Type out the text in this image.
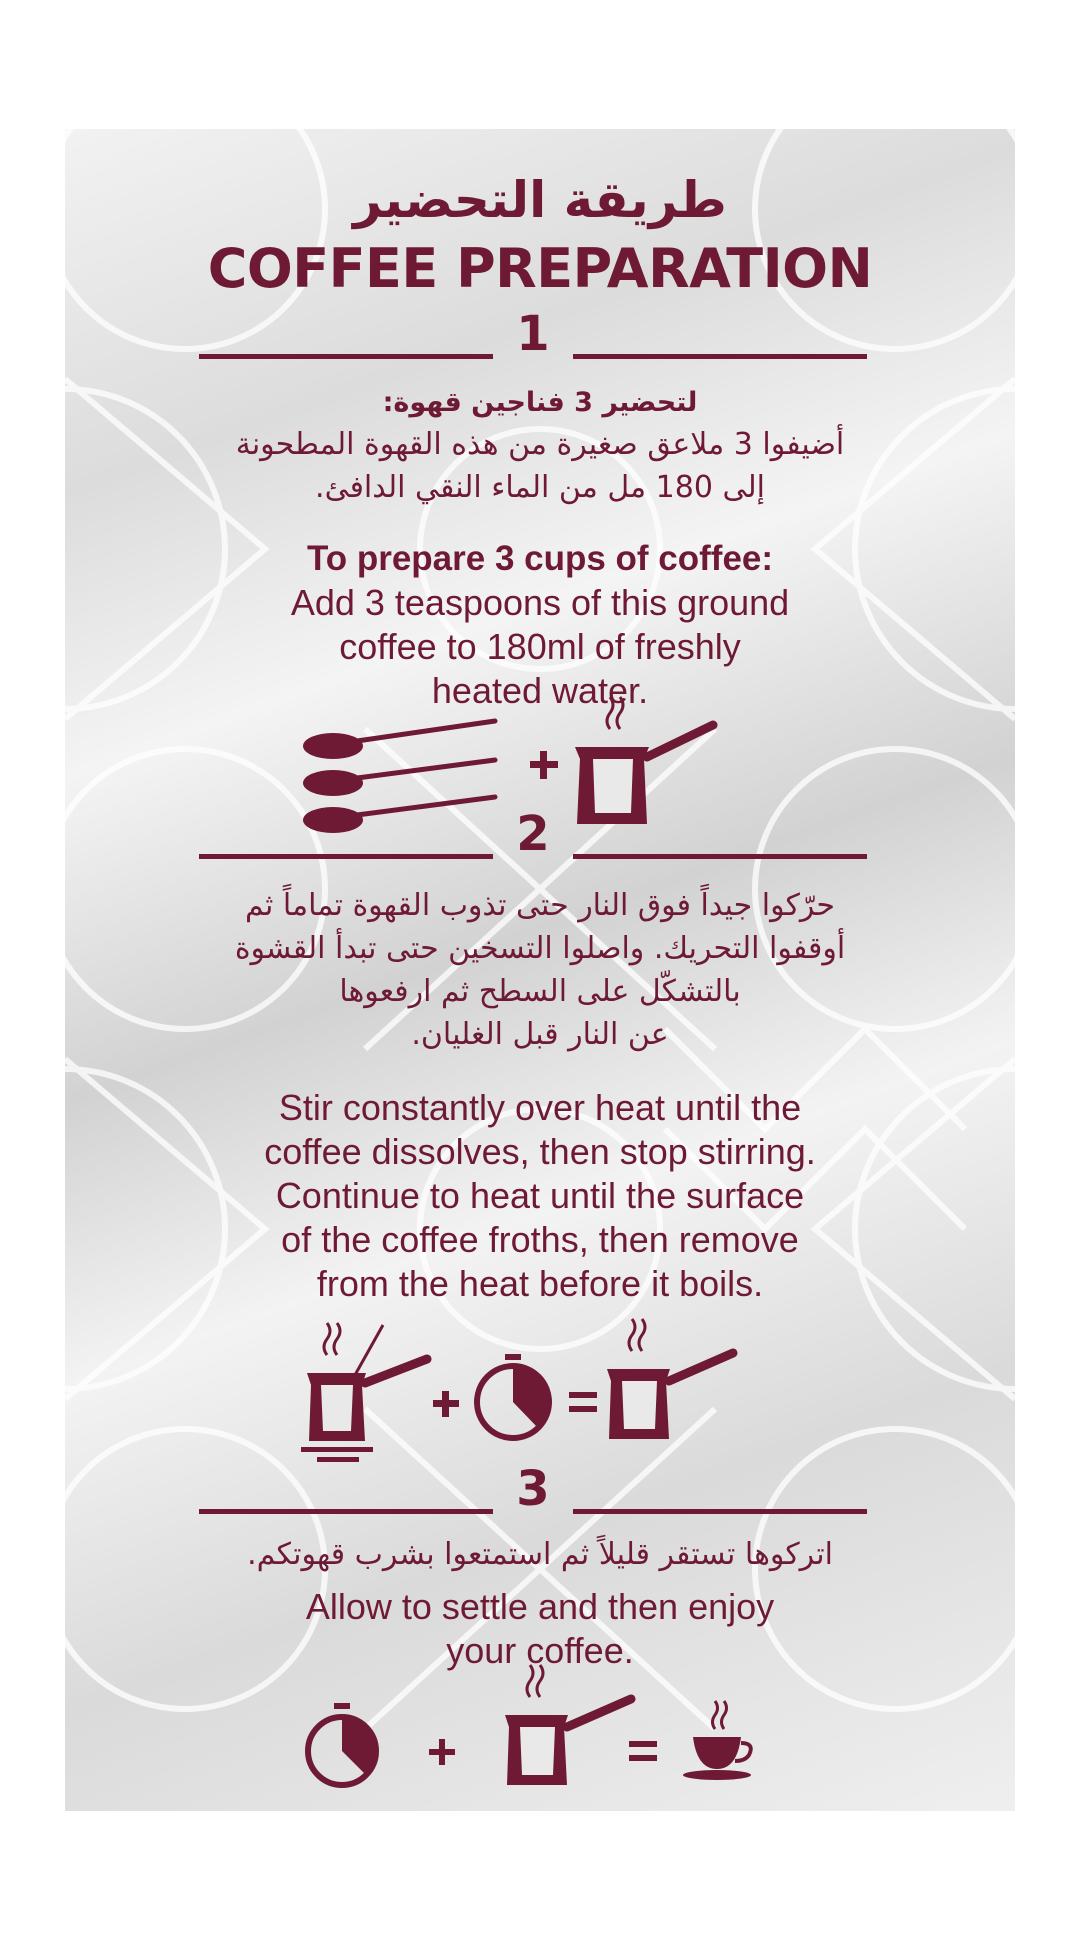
طريقة التحضير
COFFEE PREPARATION
1
لتحضير 3 فناجين قهوة:
أضيفوا 3 ملاعق صغيرة من هذه القهوة المطحونة
إلى 180 مل من الماء النقي الدافئ.
To prepare 3 cups of coffee:
Add 3 teaspoons of this ground
coffee to 180ml of freshly
heated water.
2
حرّكوا جيداً فوق النار حتى تذوب القهوة تماماً ثم
أوقفوا التحريك. واصلوا التسخين حتى تبدأ القشوة
بالتشكّل على السطح ثم ارفعوها
عن النار قبل الغليان.
Stir constantly over heat until the
coffee dissolves, then stop stirring.
Continue to heat until the surface
of the coffee froths, then remove
from the heat before it boils.
3
اتركوها تستقر قليلاً ثم استمتعوا بشرب قهوتكم.
Allow to settle and then enjoy
your coffee.
